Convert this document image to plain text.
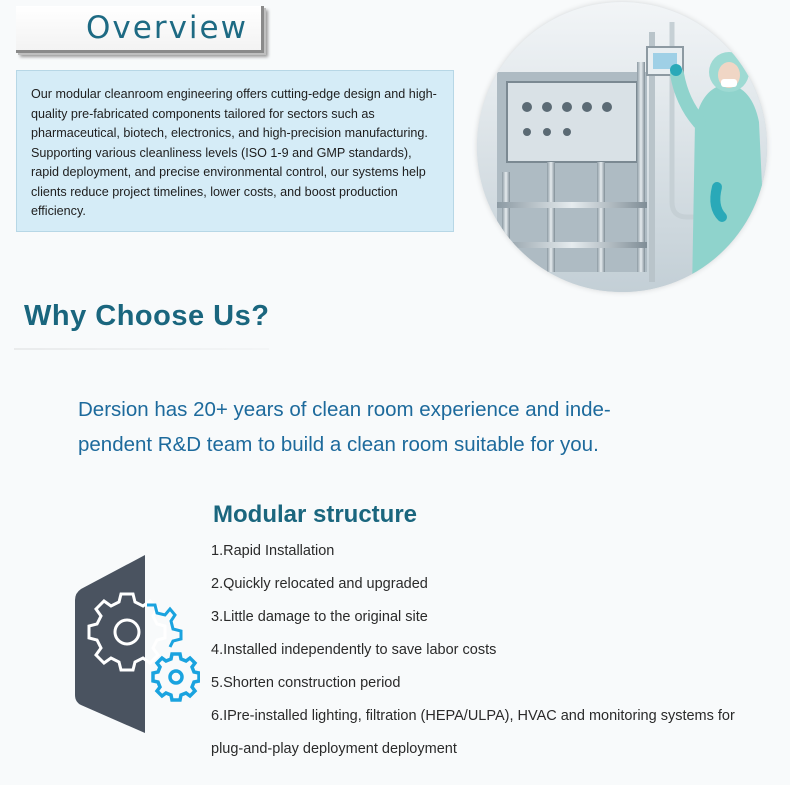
Overview

Our modular cleanroom engineering offers cutting-edge design and high-quality pre-fabricated components tailored for sectors such as pharmaceutical, biotech, electronics, and high-precision manufacturing. Supporting various cleanliness levels (ISO 1-9 and GMP standards), rapid deployment, and precise environmental control, our systems help clients reduce project timelines, lower costs, and boost production efficiency.

Why Choose Us?
Dersion has 20+ years of clean room experience and inde-pendent R&D team to build a clean room suitable for you.
Modular structure
1.Rapid Installation
2.Quickly relocated and upgraded
3.Little damage to the original site
4.Installed independently to save labor costs
5.Shorten construction period
6.IPre-installed lighting, filtration (HEPA/ULPA), HVAC and monitoring systems for plug-and-play deployment deployment
